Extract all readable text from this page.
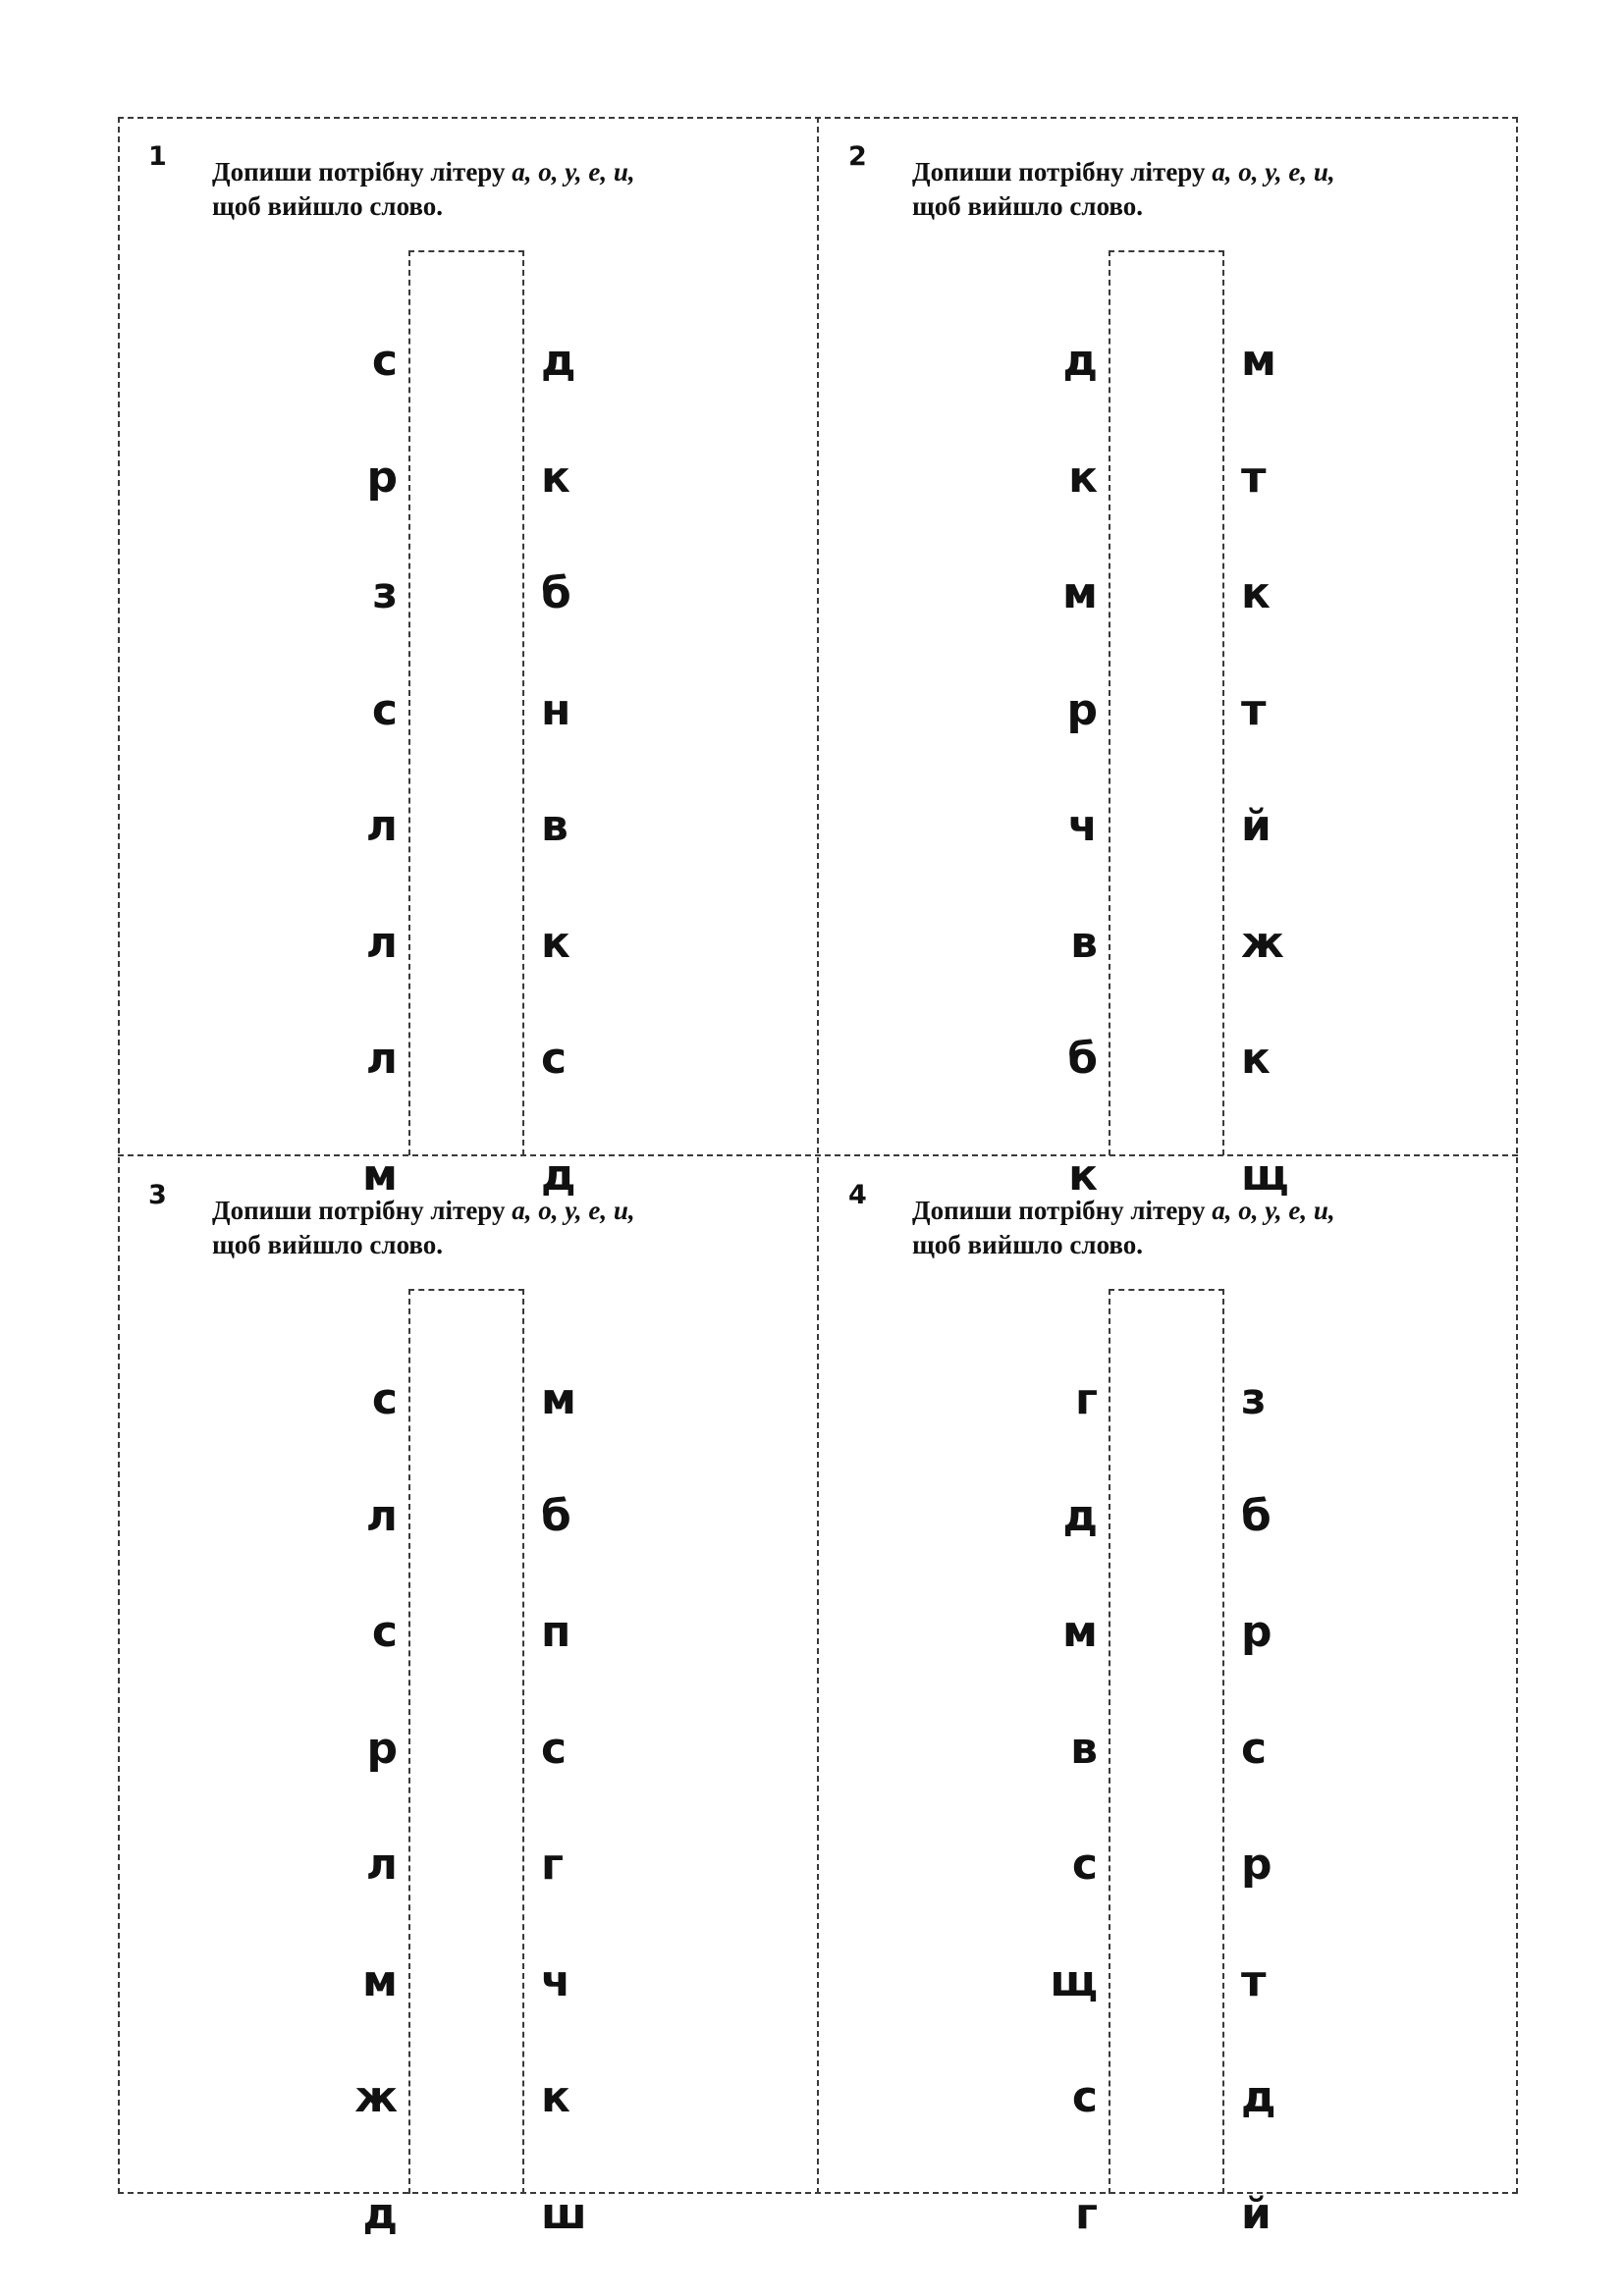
1 Допиши потрібну літеру а, о, у, е, и,
щоб вийшло слово.
с	д
р	к
з	б
с	н
л	в
л	к
л	с
м	д
2 Допиши потрібну літеру а, о, у, е, и,
щоб вийшло слово.
д	м
к	т
м	к
р	т
ч	й
в	ж
б	к
к	щ
3 Допиши потрібну літеру а, о, у, е, и,
щоб вийшло слово.
с	м
л	б
с	п
р	с
л	г
м	ч
ж	к
д	ш
4 Допиши потрібну літеру а, о, у, е, и,
щоб вийшло слово.
г	з
д	б
м	р
в	с
с	р
щ	т
с	д
г	й
